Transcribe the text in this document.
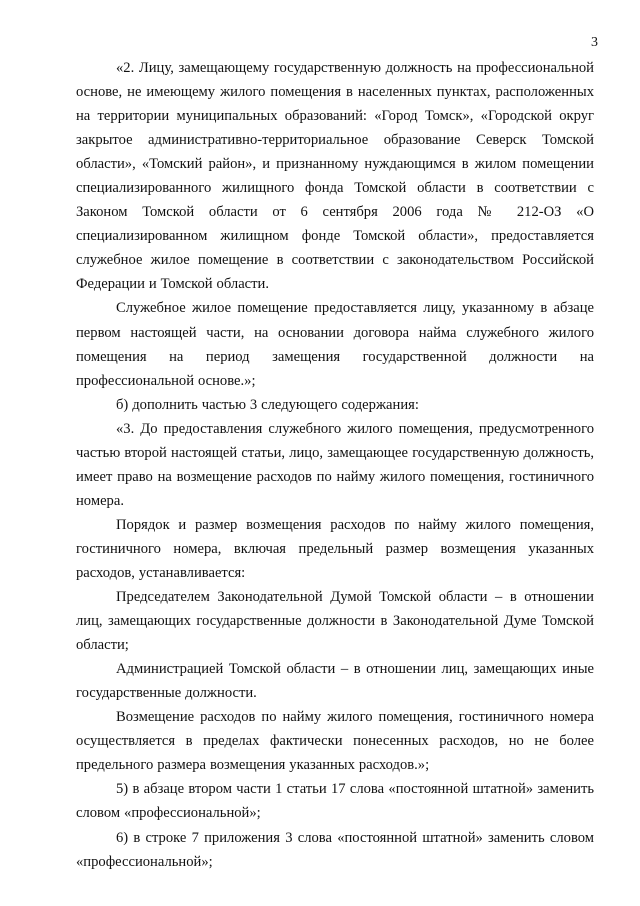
3

«2. Лицу, замещающему государственную должность на профессиональной основе, не имеющему жилого помещения в населенных пунктах, расположенных на территории муниципальных образований: «Город Томск», «Городской округ закрытое административно-территориальное образование Северск Томской области», «Томский район», и признанному нуждающимся в жилом помещении специализированного жилищного фонда Томской области в соответствии с Законом Томской области от 6 сентября 2006 года № 212-ОЗ «О специализированном жилищном фонде Томской области», предоставляется служебное жилое помещение в соответствии с законодательством Российской Федерации и Томской области.

Служебное жилое помещение предоставляется лицу, указанному в абзаце первом настоящей части, на основании договора найма служебного жилого помещения на период замещения государственной должности на профессиональной основе.»;

б) дополнить частью 3 следующего содержания:

«3. До предоставления служебного жилого помещения, предусмотренного частью второй настоящей статьи, лицо, замещающее государственную должность, имеет право на возмещение расходов по найму жилого помещения, гостиничного номера.

Порядок и размер возмещения расходов по найму жилого помещения, гостиничного номера, включая предельный размер возмещения указанных расходов, устанавливается:

Председателем Законодательной Думой Томской области – в отношении лиц, замещающих государственные должности в Законодательной Думе Томской области;

Администрацией Томской области – в отношении лиц, замещающих иные государственные должности.

Возмещение расходов по найму жилого помещения, гостиничного номера осуществляется в пределах фактически понесенных расходов, но не более предельного размера возмещения указанных расходов.»;

5) в абзаце втором части 1 статьи 17 слова «постоянной штатной» заменить словом «профессиональной»;

6) в строке 7 приложения 3 слова «постоянной штатной» заменить словом «профессиональной»;
